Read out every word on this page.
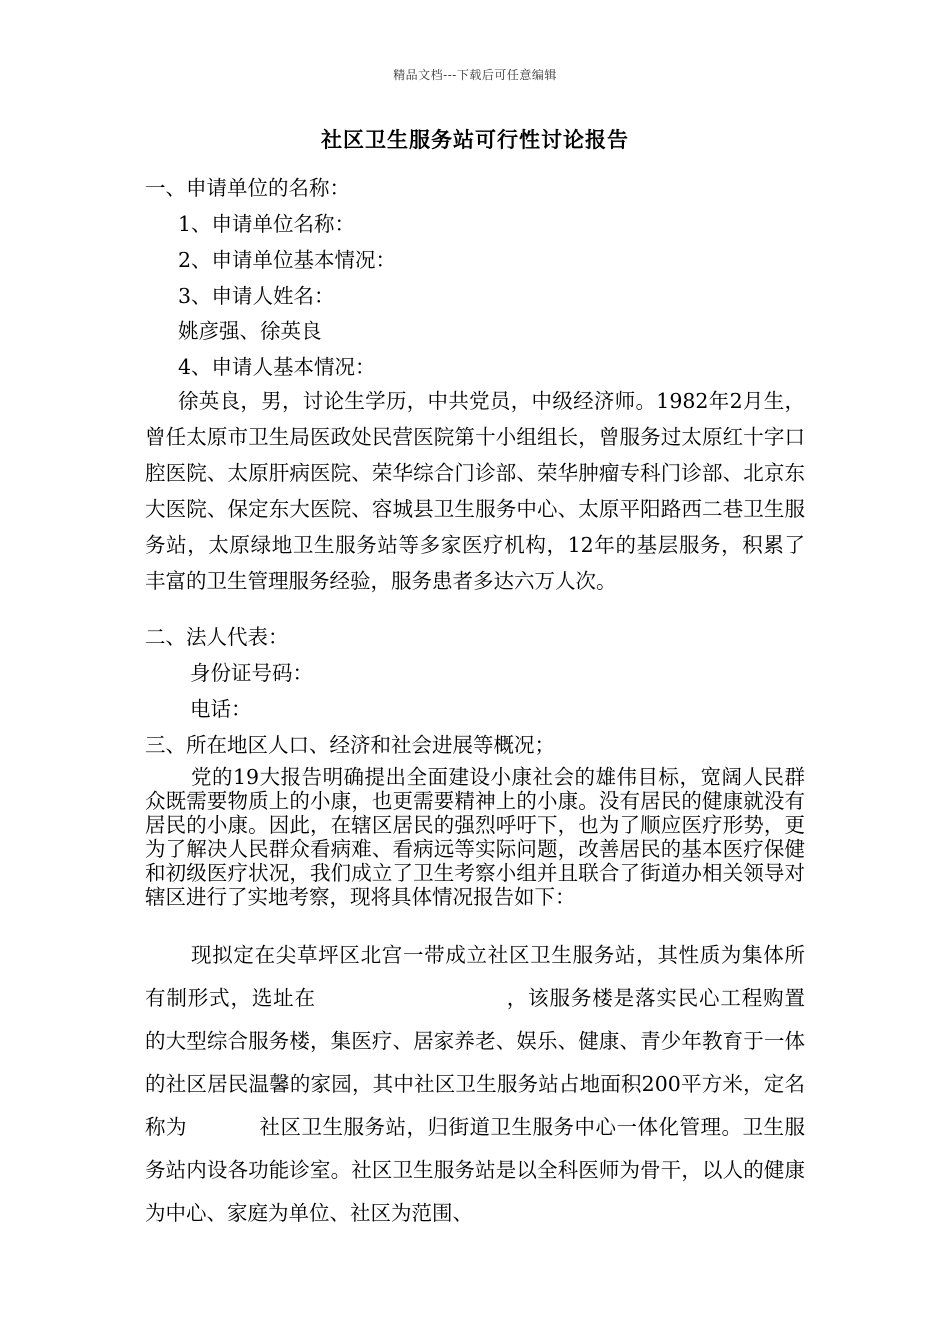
精品文档---下载后可任意编辑
社区卫生服务站可行性讨论报告
一、申请单位的名称：
1、申请单位名称：
2、申请单位基本情况：
3、申请人姓名：
姚彦强、徐英良
4、申请人基本情况：

徐英良，男，讨论生学历，中共党员，中级经济师。1982年2月生，曾任太原市卫生局医政处民营医院第十小组组长，曾服务过太原红十字口腔医院、太原肝病医院、荣华综合门诊部、荣华肿瘤专科门诊部、北京东大医院、保定东大医院、容城县卫生服务中心、太原平阳路西二巷卫生服务站，太原绿地卫生服务站等多家医疗机构，12年的基层服务，积累了丰富的卫生管理服务经验，服务患者多达六万人次。

二、法人代表：
身份证号码：
电话：
三、所在地区人口、经济和社会进展等概况；

党的19大报告明确提出全面建设小康社会的雄伟目标，宽阔人民群众既需要物质上的小康，也更需要精神上的小康。没有居民的健康就没有居民的小康。因此，在辖区居民的强烈呼吁下，也为了顺应医疗形势，更为了解决人民群众看病难、看病远等实际问题，改善居民的基本医疗保健和初级医疗状况，我们成立了卫生考察小组并且联合了街道办相关领导对辖区进行了实地考察，现将具体情况报告如下：

现拟定在尖草坪区北宫一带成立社区卫生服务站，其性质为集体所有制形式，选址在	，该服务楼是落实民心工程购置的大型综合服务楼，集医疗、居家养老、娱乐、健康、青少年教育于一体的社区居民温馨的家园，其中社区卫生服务站占地面积200平方米，定名称为	社区卫生服务站，归街道卫生服务中心一体化管理。卫生服务站内设各功能诊室。社区卫生服务站是以全科医师为骨干，以人的健康为中心、家庭为单位、社区为范围、
